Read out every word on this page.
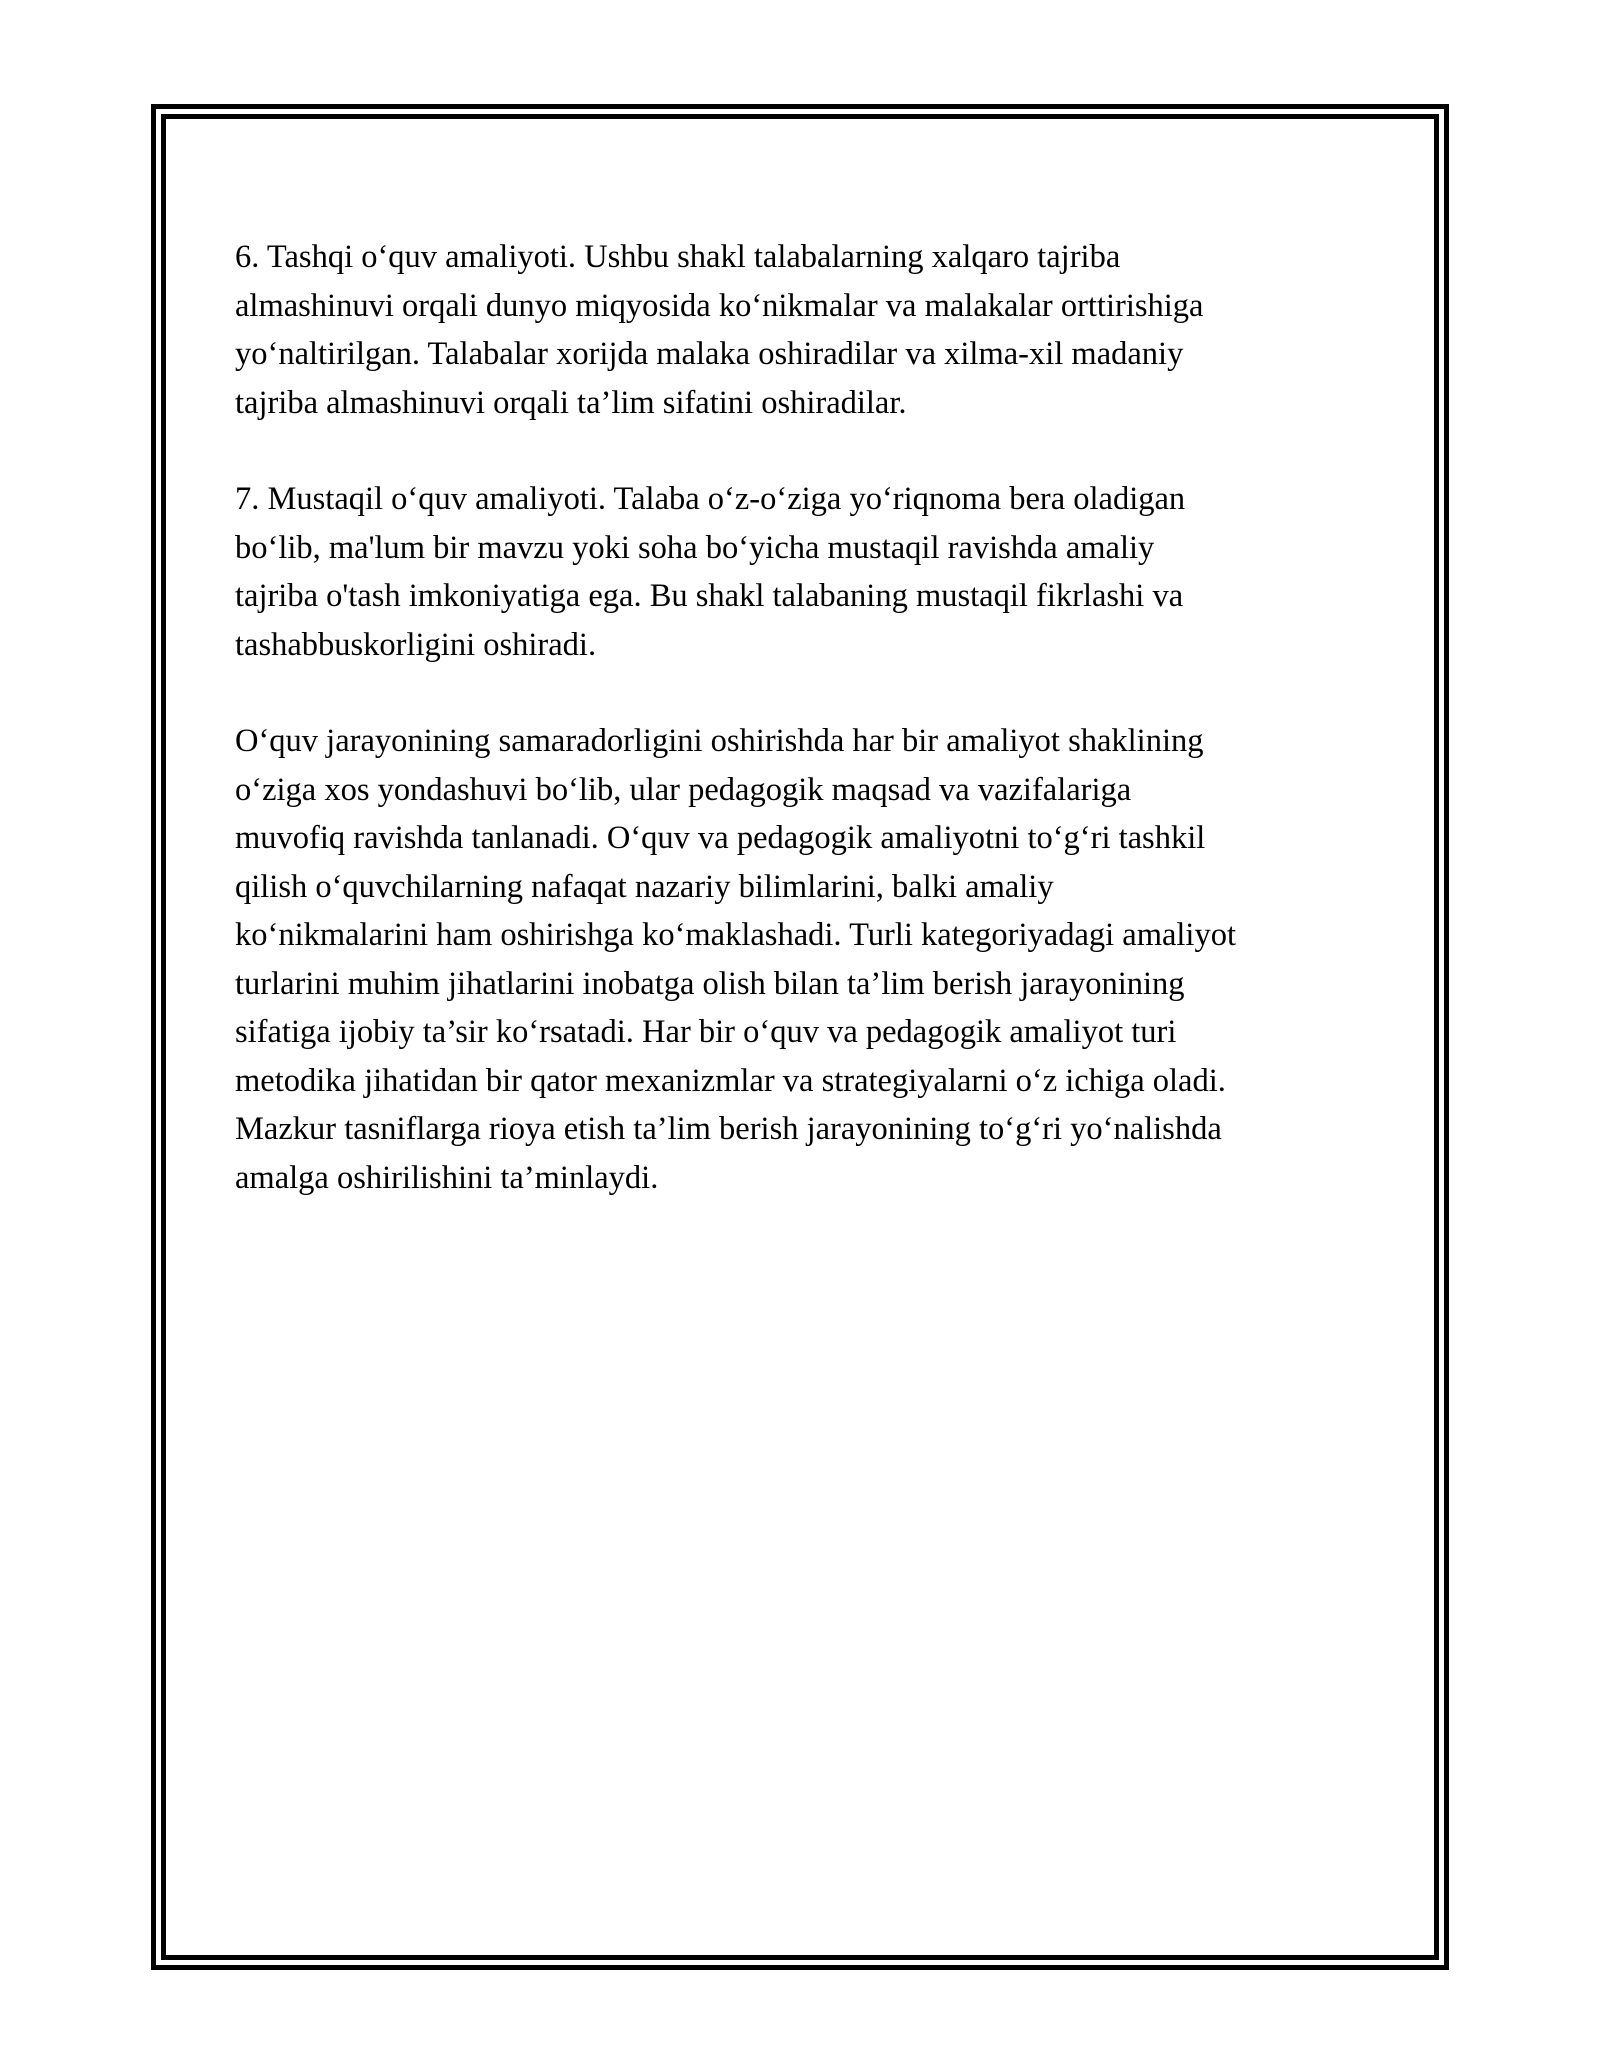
6. Tashqi o‘quv amaliyoti. Ushbu shakl talabalarning xalqaro tajriba
almashinuvi orqali dunyo miqyosida ko‘nikmalar va malakalar orttirishiga
yo‘naltirilgan. Talabalar xorijda malaka oshiradilar va xilma-xil madaniy
tajriba almashinuvi orqali ta’lim sifatini oshiradilar.

7. Mustaqil o‘quv amaliyoti. Talaba o‘z-o‘ziga yo‘riqnoma bera oladigan
bo‘lib, ma'lum bir mavzu yoki soha bo‘yicha mustaqil ravishda amaliy
tajriba o'tash imkoniyatiga ega. Bu shakl talabaning mustaqil fikrlashi va
tashabbuskorligini oshiradi.

O‘quv jarayonining samaradorligini oshirishda har bir amaliyot shaklining
o‘ziga xos yondashuvi bo‘lib, ular pedagogik maqsad va vazifalariga
muvofiq ravishda tanlanadi. O‘quv va pedagogik amaliyotni to‘g‘ri tashkil
qilish o‘quvchilarning nafaqat nazariy bilimlarini, balki amaliy
ko‘nikmalarini ham oshirishga ko‘maklashadi. Turli kategoriyadagi amaliyot
turlarini muhim jihatlarini inobatga olish bilan ta’lim berish jarayonining
sifatiga ijobiy ta’sir ko‘rsatadi. Har bir o‘quv va pedagogik amaliyot turi
metodika jihatidan bir qator mexanizmlar va strategiyalarni o‘z ichiga oladi.
Mazkur tasniflarga rioya etish ta’lim berish jarayonining to‘g‘ri yo‘nalishda
amalga oshirilishini ta’minlaydi.
